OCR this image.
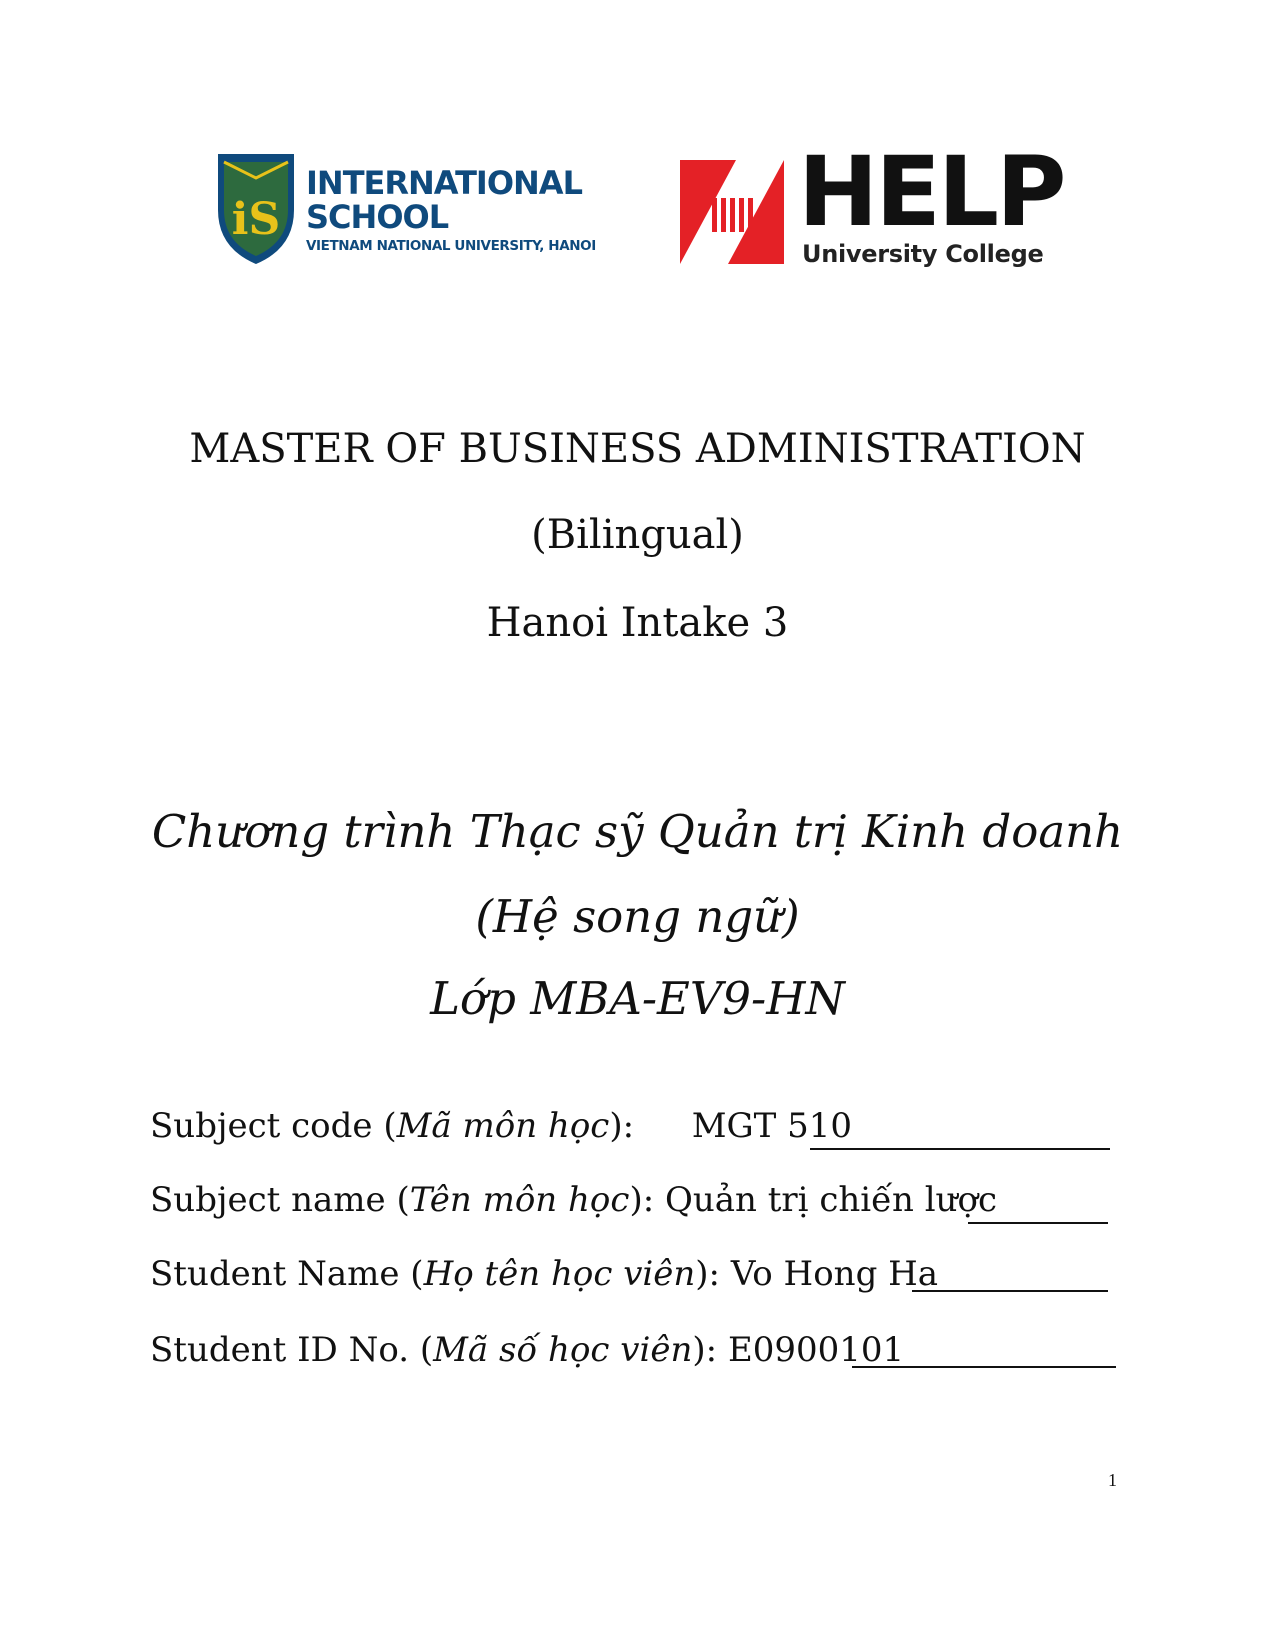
iS
INTERNATIONAL
SCHOOL
VIETNAM NATIONAL UNIVERSITY, HANOI HELP
University College
MASTER OF BUSINESS ADMINISTRATION
(Bilingual)
Hanoi Intake 3
Chương trình Thạc sỹ Quản trị Kinh doanh
(Hệ song ngữ)
Lớp MBA-EV9-HN
Subject code (Mã môn học): MGT 510
Subject name (Tên môn học): Quản trị chiến lược
Student Name (Họ tên học viên): Vo Hong Ha
Student ID No. (Mã số học viên): E0900101
1
